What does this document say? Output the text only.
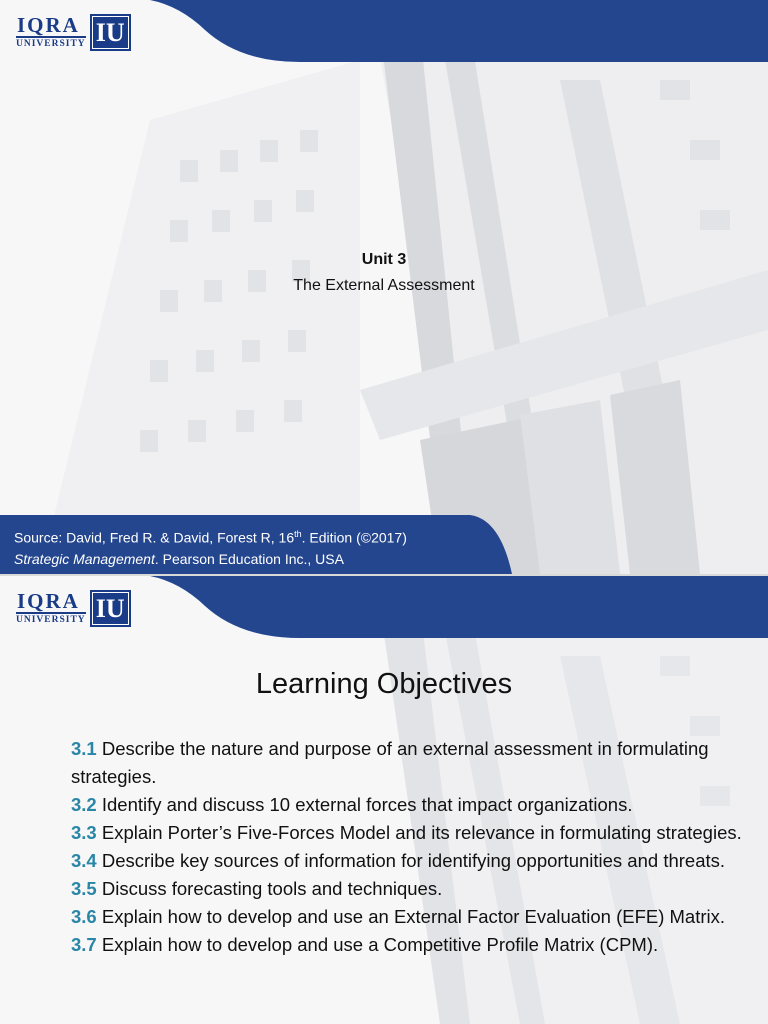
IQRA
UNIVERSITY IU
Unit 3
The External Assessment
Source: David, Fred R. & David, Forest R, 16th. Edition (©2017)
Strategic Management. Pearson Education Inc., USA
IQRA
UNIVERSITY IU
Learning Objectives

3.1 Describe the nature and purpose of an external assessment in formulating strategies.

3.2 Identify and discuss 10 external forces that impact organizations.

3.3 Explain Porter’s Five-Forces Model and its relevance in formulating strategies.

3.4 Describe key sources of information for identifying opportunities and threats.

3.5 Discuss forecasting tools and techniques.

3.6 Explain how to develop and use an External Factor Evaluation (EFE) Matrix.

3.7 Explain how to develop and use a Competitive Profile Matrix (CPM).
